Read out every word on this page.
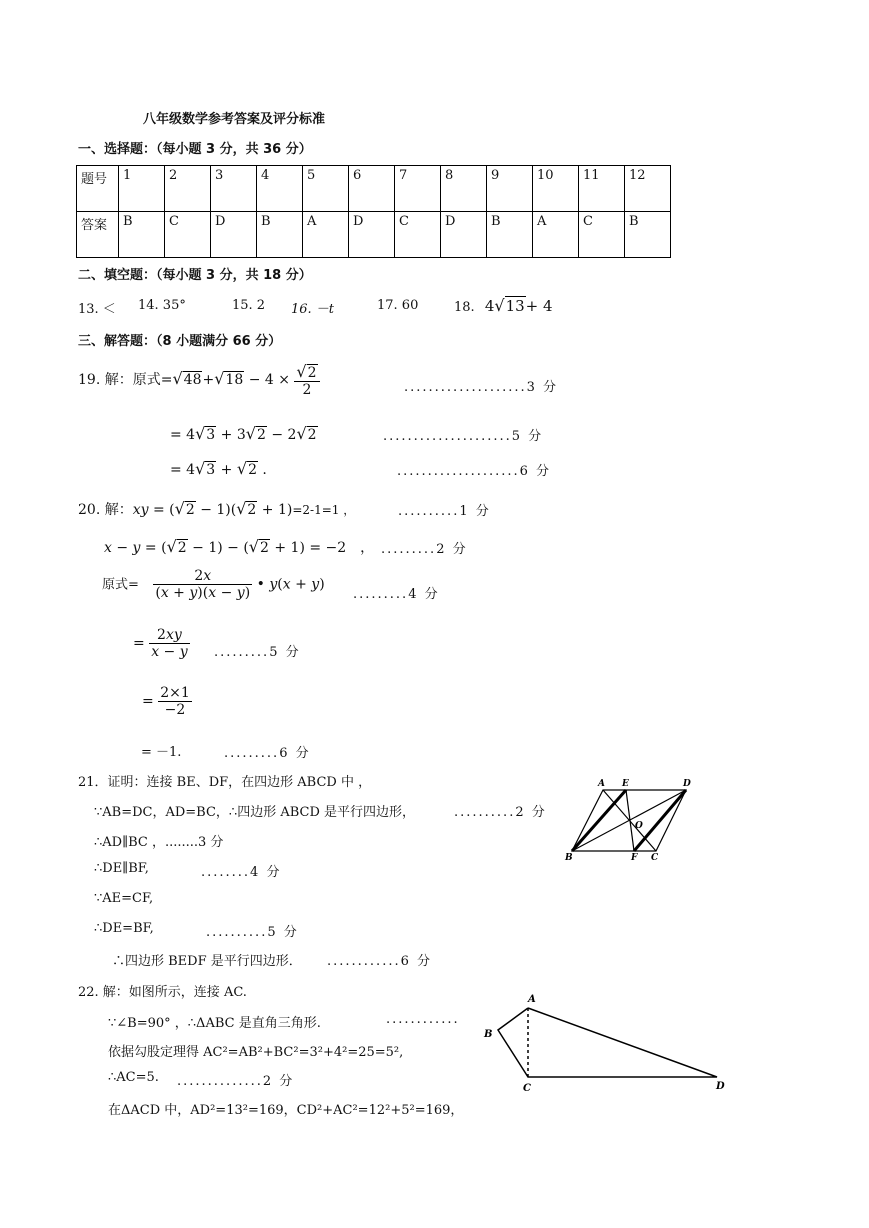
八年级数学参考答案及评分标准
一、选择题：（每小题 3 分，共 36 分）
题号	1	2	3	4	5	6	7	8	9	10	11	12
答案	B	C	D	B	A	D	C	D	B	A	C	B
二、填空题：（每小题 3 分，共 18 分）
13. ＜ 14. 35°	15. 2 16. －t	17. 60	18. 4√13+ 4
三、解答题：（8 小题满分 66 分）
19. 解：原式$=√48+√18 - 4 \times \frac{√2}{2}$	....................3 分
= 4√3 + 3√2 − 2√2	.....................5 分
= 4√3 + √2 .	....................6 分
20. 解：xy = (√2 − 1)(√2 + 1)=2-1=1 ，	..........1 分
x − y = (√2 − 1) − (√2 + 1) = −2　， .........2 分
原式= $\frac{2x}{(x + y)(x - y)}$ • y(x + y)
.........4 分
= $\frac{2xy}{x - y} .........5$ 分
= $\frac{2\times 1}{-2}$
= －1.	.........6 分
21．证明：连接 BE、DF，在四边形 ABCD 中 ，
∵AB=DC，AD=BC，∴四边形 ABCD 是平行四边形，	..........2 分
∴AD∥BC ，........3 分
∴DE∥BF,	........4 分
∵AE=CF,
∴DE=BF,	..........5 分
∴四边形 BEDF 是平行四边形． ............6 分
22. 解：如图所示，连接 AC.
∵∠B=90° ，∴ΔABC 是直角三角形.	............
依据勾股定理得 AC²=AB²+BC²=3²+4²=25=5²,
∴AC=5. ..............2 分
在ΔACD 中，AD²=13²=169，CD²+AC²=12²+5²=169，
A E	D
O
B	F C
A
B
C	D
